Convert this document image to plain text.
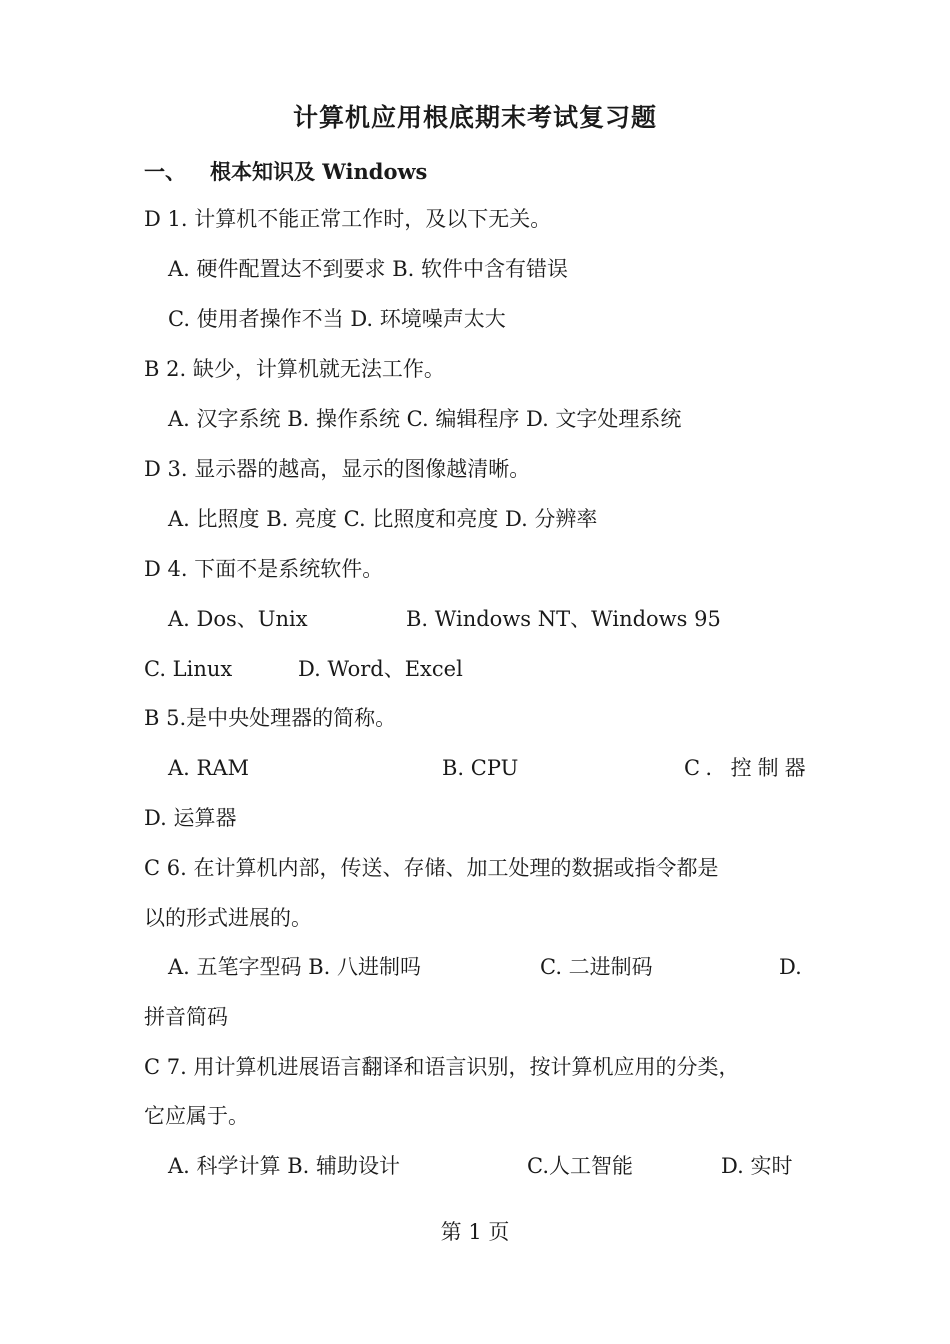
计算机应用根底期末考试复习题
一、 根本知识及 Windows
D 1. 计算机不能正常工作时，及以下无关。
A. 硬件配置达不到要求 B. 软件中含有错误
C. 使用者操作不当 D. 环境噪声太大
B 2. 缺少，计算机就无法工作。
A. 汉字系统 B. 操作系统 C. 编辑程序 D. 文字处理系统
D 3. 显示器的越高，显示的图像越清晰。
A. 比照度 B. 亮度 C. 比照度和亮度 D. 分辨率
D 4. 下面不是系统软件。
A. Dos、Unix	B. Windows NT、Windows 95
C. Linux	D. Word、Excel
B 5.是中央处理器的简称。
A. RAM	B. CPU	C. 控制器
D. 运算器
C 6. 在计算机内部，传送、存储、加工处理的数据或指令都是
以的形式进展的。
A. 五笔字型码 B. 八进制吗	C. 二进制码	D.
拼音简码
C 7. 用计算机进展语言翻译和语言识别，按计算机应用的分类，
它应属于。
A. 科学计算 B. 辅助设计	C.人工智能	D. 实时
第 1 页
